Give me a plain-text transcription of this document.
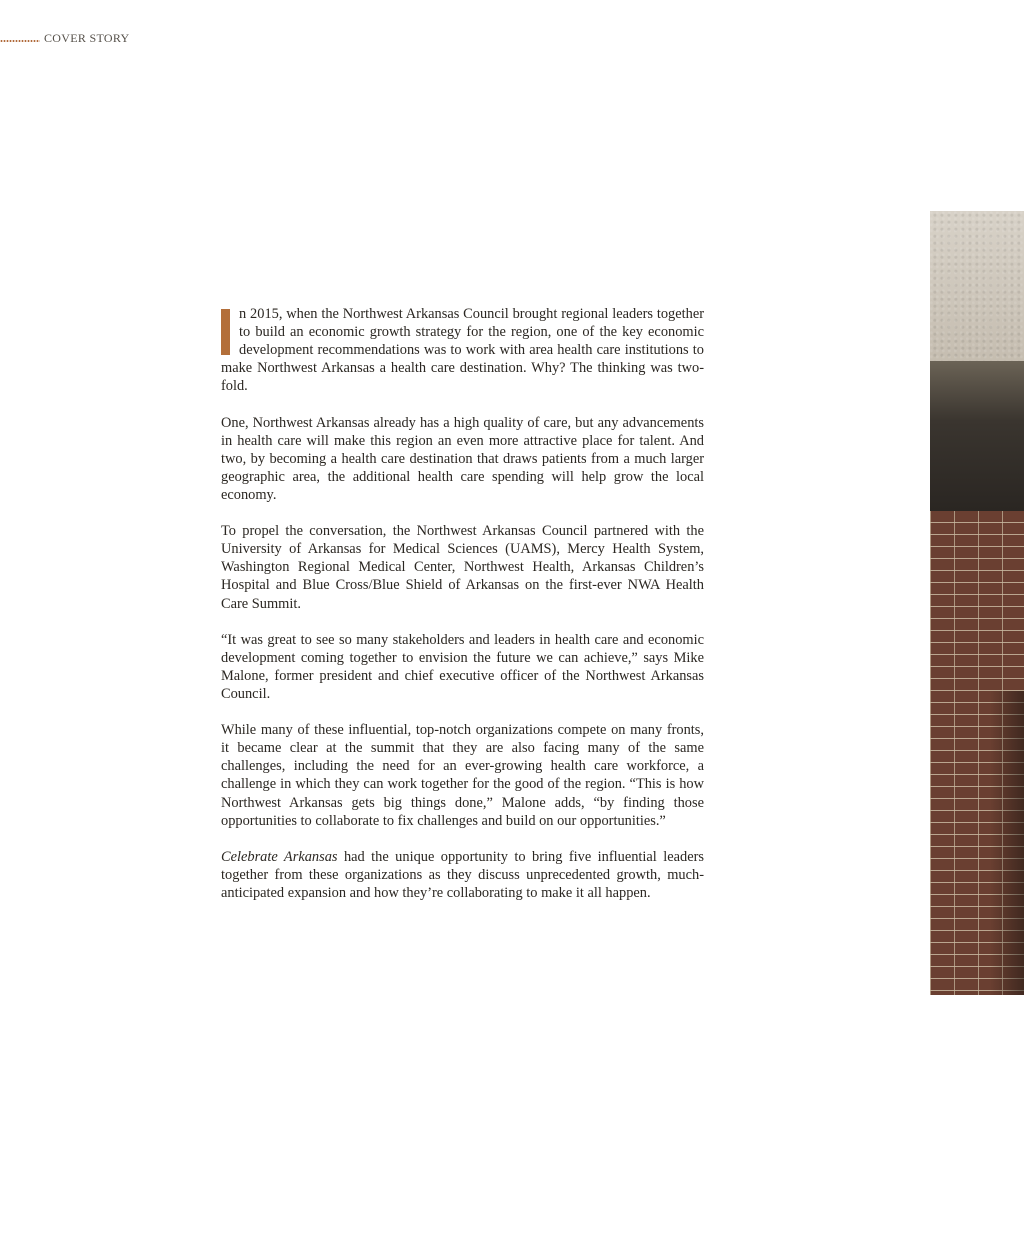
COVER STORY

n 2015, when the Northwest Arkansas Council brought regional leaders together to build an economic growth strategy for the region, one of the key economic development recommendations was to work with area health care institutions to make Northwest Arkansas a health care destination. Why? The thinking was two-fold.

One, Northwest Arkansas already has a high quality of care, but any advancements in health care will make this region an even more attractive place for talent. And two, by becoming a health care destination that draws patients from a much larger geographic area, the additional health care spending will help grow the local economy.

To propel the conversation, the Northwest Arkansas Council partnered with the University of Arkansas for Medical Sciences (UAMS), Mercy Health System, Washington Regional Medical Center, Northwest Health, Arkansas Children’s Hospital and Blue Cross/Blue Shield of Arkansas on the first-ever NWA Health Care Summit.

“It was great to see so many stakeholders and leaders in health care and economic development coming together to envision the future we can achieve,” says Mike Malone, former president and chief executive officer of the Northwest Arkansas Council.

While many of these influential, top-notch organizations compete on many fronts, it became clear at the summit that they are also facing many of the same challenges, including the need for an ever-growing health care workforce, a challenge in which they can work together for the good of the region. “This is how Northwest Arkansas gets big things done,” Malone adds, “by finding those opportunities to collaborate to fix challenges and build on our opportunities.”

Celebrate Arkansas had the unique opportunity to bring five influential leaders together from these organizations as they discuss unprecedented growth, much-anticipated expansion and how they’re collaborating to make it all happen.
